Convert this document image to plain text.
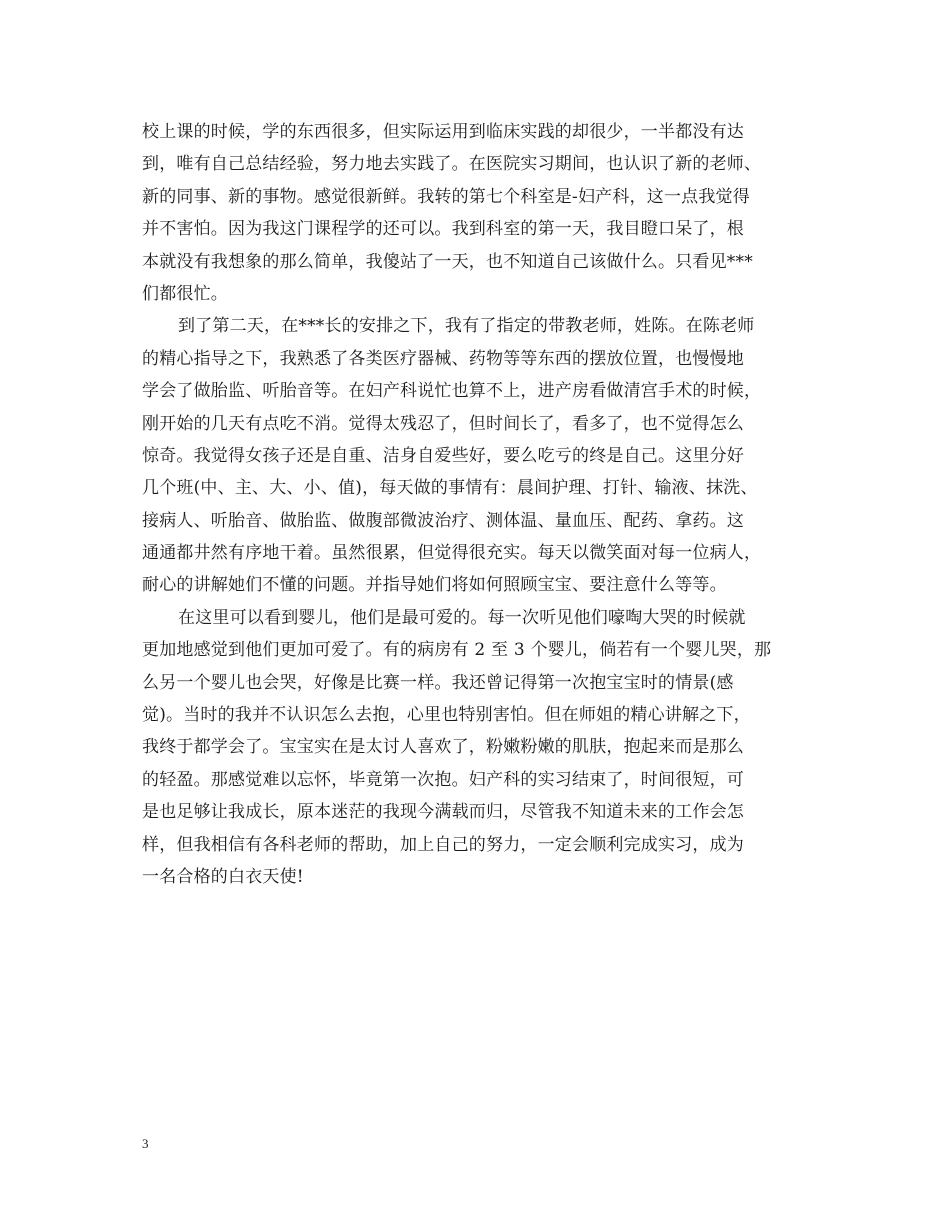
校上课的时候，学的东西很多，但实际运用到临床实践的却很少，一半都没有达
到，唯有自己总结经验，努力地去实践了。在医院实习期间，也认识了新的老师、
新的同事、新的事物。感觉很新鲜。我转的第七个科室是-妇产科，这一点我觉得
并不害怕。因为我这门课程学的还可以。我到科室的第一天，我目瞪口呆了，根
本就没有我想象的那么简单，我傻站了一天，也不知道自己该做什么。只看见***
们都很忙。

到了第二天，在***长的安排之下，我有了指定的带教老师，姓陈。在陈老师
的精心指导之下，我熟悉了各类医疗器械、药物等等东西的摆放位置，也慢慢地
学会了做胎监、听胎音等。在妇产科说忙也算不上，进产房看做清宫手术的时候，
刚开始的几天有点吃不消。觉得太残忍了，但时间长了，看多了，也不觉得怎么
惊奇。我觉得女孩子还是自重、洁身自爱些好，要么吃亏的终是自己。这里分好
几个班(中、主、大、小、值)，每天做的事情有：晨间护理、打针、输液、抹洗、
接病人、听胎音、做胎监、做腹部微波治疗、测体温、量血压、配药、拿药。这
通通都井然有序地干着。虽然很累，但觉得很充实。每天以微笑面对每一位病人，
耐心的讲解她们不懂的问题。并指导她们将如何照顾宝宝、要注意什么等等。

在这里可以看到婴儿，他们是最可爱的。每一次听见他们嚎啕大哭的时候就
更加地感觉到他们更加可爱了。有的病房有 2 至 3 个婴儿，倘若有一个婴儿哭，那
么另一个婴儿也会哭，好像是比赛一样。我还曾记得第一次抱宝宝时的情景(感
觉)。当时的我并不认识怎么去抱，心里也特别害怕。但在师姐的精心讲解之下，
我终于都学会了。宝宝实在是太讨人喜欢了，粉嫩粉嫩的肌肤，抱起来而是那么
的轻盈。那感觉难以忘怀，毕竟第一次抱。妇产科的实习结束了，时间很短，可
是也足够让我成长，原本迷茫的我现今满载而归，尽管我不知道未来的工作会怎
样，但我相信有各科老师的帮助，加上自己的努力，一定会顺利完成实习，成为
一名合格的白衣天使!

3
